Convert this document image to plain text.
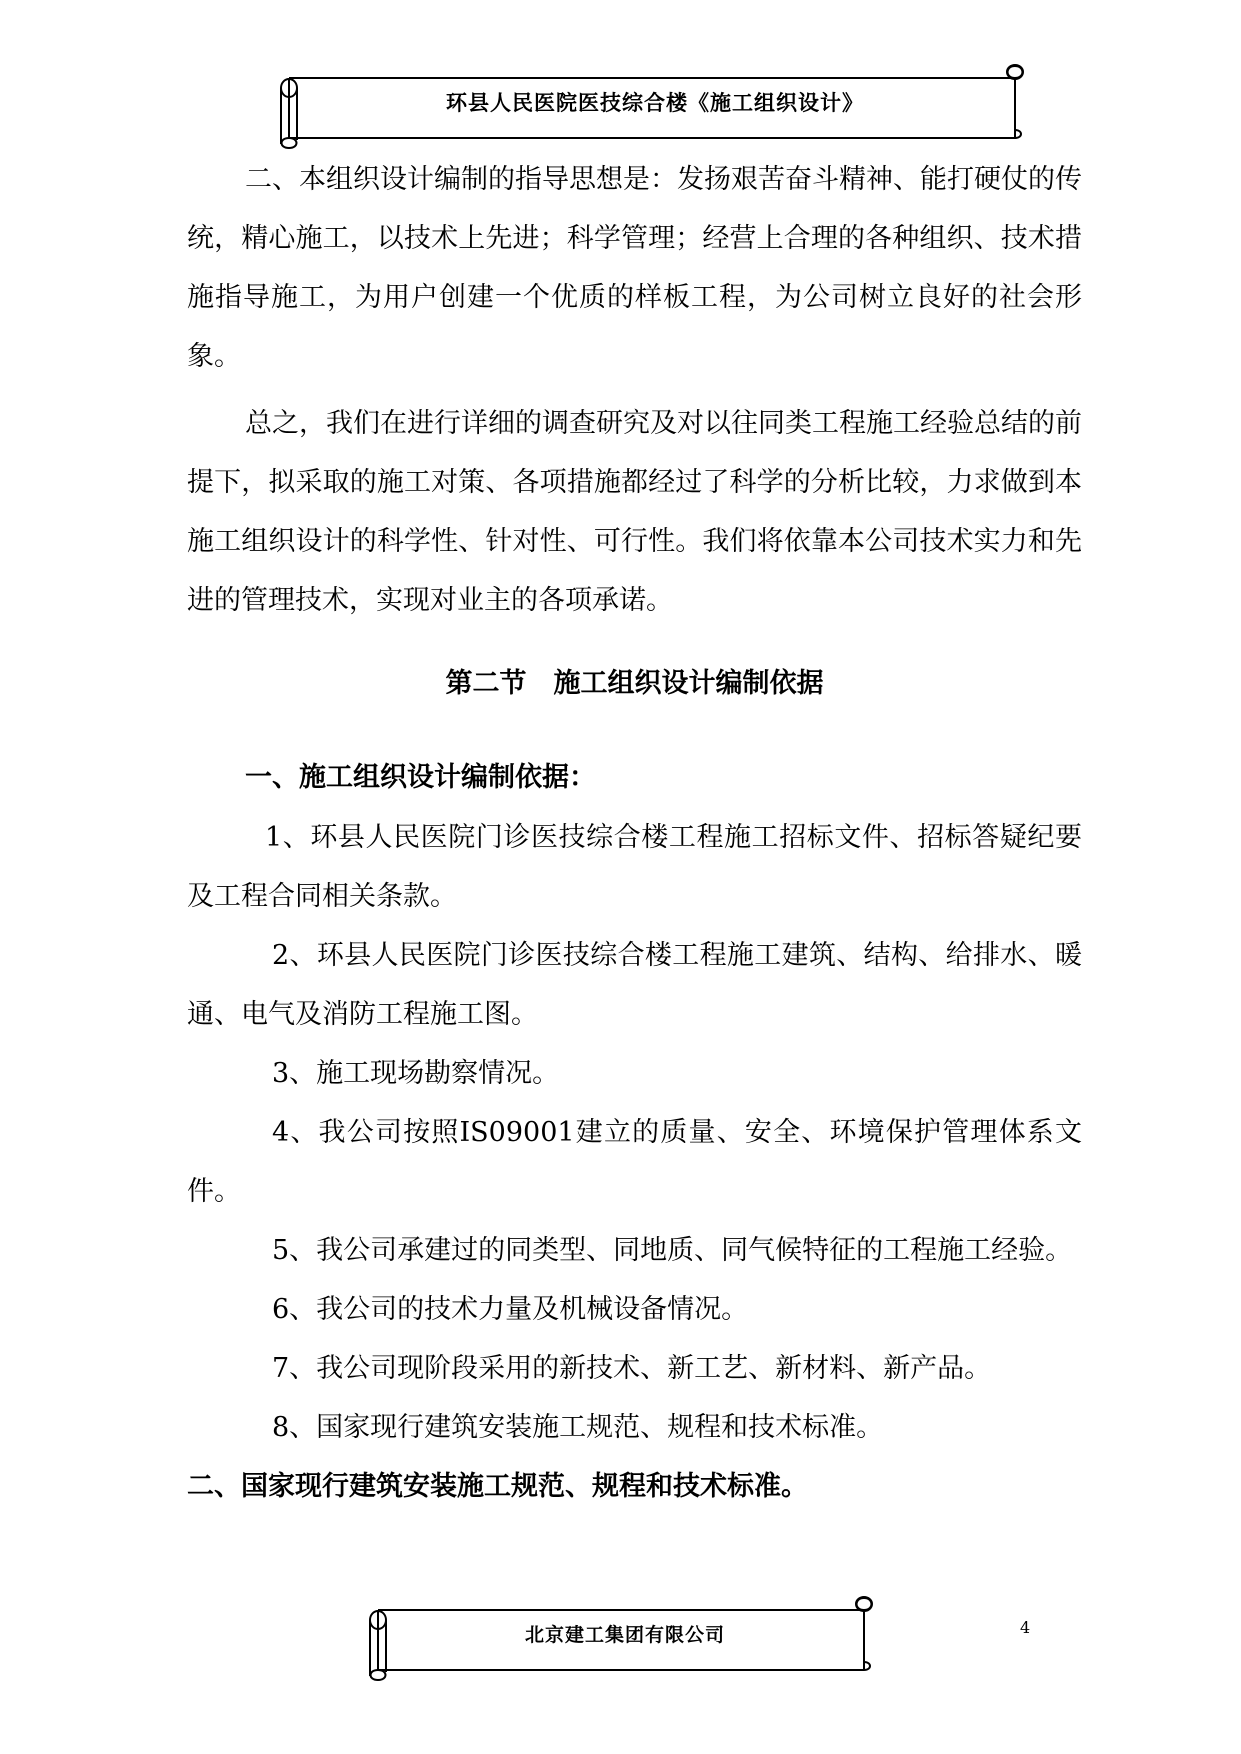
环县人民医院医技综合楼《施工组织设计》

二、本组织设计编制的指导思想是：发扬艰苦奋斗精神、能打硬仗的传统，精心施工，以技术上先进；科学管理；经营上合理的各种组织、技术措施指导施工，为用户创建一个优质的样板工程，为公司树立良好的社会形象。

总之，我们在进行详细的调查研究及对以往同类工程施工经验总结的前提下，拟采取的施工对策、各项措施都经过了科学的分析比较，力求做到本施工组织设计的科学性、针对性、可行性。我们将依靠本公司技术实力和先进的管理技术，实现对业主的各项承诺。

第二节　施工组织设计编制依据

一、施工组织设计编制依据：

1、环县人民医院门诊医技综合楼工程施工招标文件、招标答疑纪要及工程合同相关条款。

2、环县人民医院门诊医技综合楼工程施工建筑、结构、给排水、暖通、电气及消防工程施工图。

3、施工现场勘察情况。

4、我公司按照IS09001建立的质量、安全、环境保护管理体系文件。

5、我公司承建过的同类型、同地质、同气候特征的工程施工经验。

6、我公司的技术力量及机械设备情况。

7、我公司现阶段采用的新技术、新工艺、新材料、新产品。

8、国家现行建筑安装施工规范、规程和技术标准。

二、国家现行建筑安装施工规范、规程和技术标准。

北京建工集团有限公司	4
